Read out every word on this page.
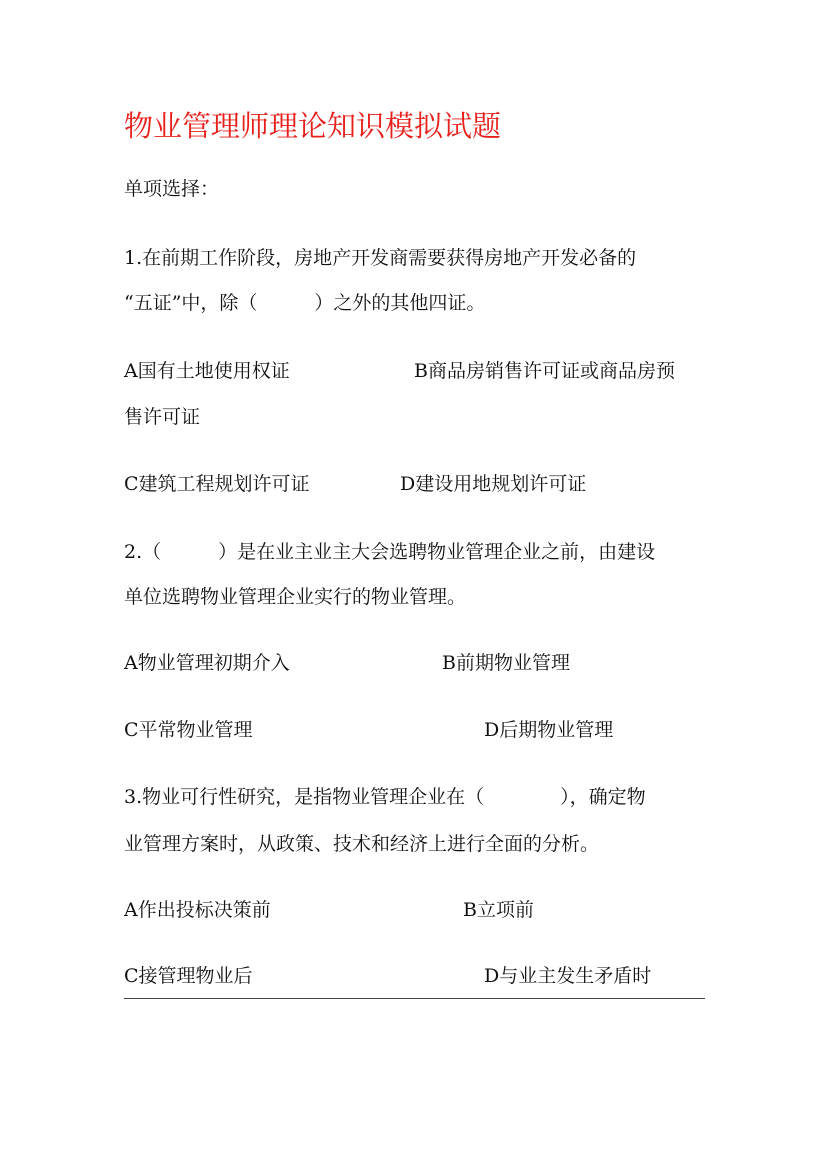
物业管理师理论知识模拟试题
单项选择：
1.在前期工作阶段，房地产开发商需要获得房地产开发必备的
“五证”中，除（　　　）之外的其他四证。
A国有土地使用权证	B商品房销售许可证或商品房预
售许可证
C建筑工程规划许可证	D建设用地规划许可证
2.（　　　）是在业主业主大会选聘物业管理企业之前，由建设
单位选聘物业管理企业实行的物业管理。
A物业管理初期介入	B前期物业管理
C平常物业管理	D后期物业管理
3.物业可行性研究，是指物业管理企业在（　　　　），确定物
业管理方案时，从政策、技术和经济上进行全面的分析。
A作出投标决策前	B立项前
C接管理物业后	D与业主发生矛盾时
